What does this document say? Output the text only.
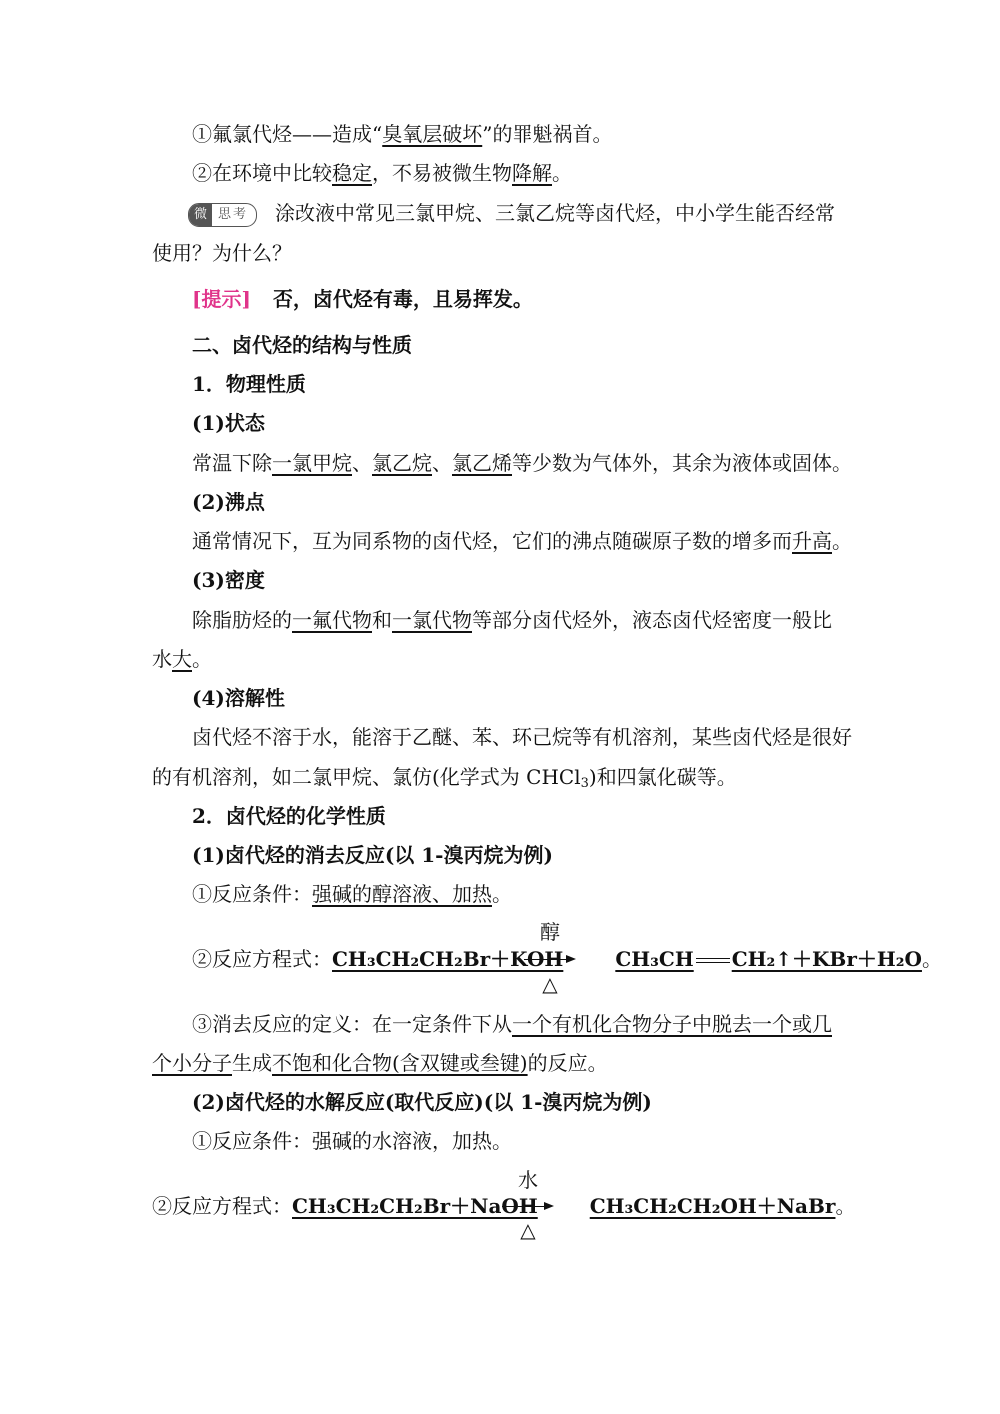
①氟氯代烃——造成“臭氧层破坏”的罪魁祸首。
②在环境中比较稳定，不易被微生物降解。
微 思考	涂改液中常见三氯甲烷、三氯乙烷等卤代烃，中小学生能否经常
使用？为什么？
[提示] 否，卤代烃有毒，且易挥发。
二、卤代烃的结构与性质
1．物理性质
(1)状态
常温下除一氯甲烷、氯乙烷、氯乙烯等少数为气体外，其余为液体或固体。
(2)沸点
通常情况下，互为同系物的卤代烃，它们的沸点随碳原子数的增多而升高。
(3)密度
除脂肪烃的一氟代物和一氯代物等部分卤代烃外，液态卤代烃密度一般比
水大。
(4)溶解性
卤代烃不溶于水，能溶于乙醚、苯、环己烷等有机溶剂，某些卤代烃是很好
的有机溶剂，如二氯甲烷、氯仿(化学式为 CHCl$_3$)和四氯化碳等。
2．卤代烃的化学性质
(1)卤代烃的消去反应(以 1-溴丙烷为例)
①反应条件：强碱的醇溶液、加热。
②反应方程式：CH₃CH₂CH₂Br＋KOH	CH₃CH CH₂↑＋KBr＋H₂O。
醇
△
③消去反应的定义：在一定条件下从一个有机化合物分子中脱去一个或几
个小分子生成不饱和化合物(含双键或叁键)的反应。
(2)卤代烃的水解反应(取代反应)(以 1-溴丙烷为例)
①反应条件：强碱的水溶液，加热。
②反应方程式：CH₃CH₂CH₂Br＋NaOH	CH₃CH₂CH₂OH＋NaBr。
水
△
